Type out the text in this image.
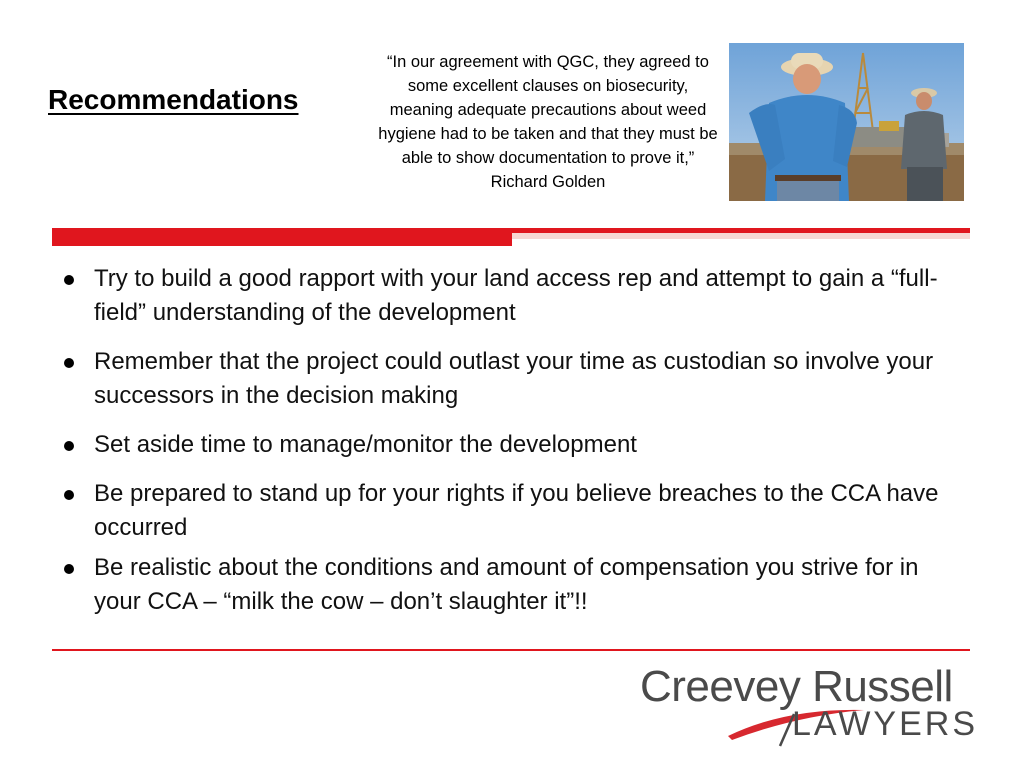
Recommendations
“In our agreement with QGC, they agreed to some excellent clauses on biosecurity, meaning adequate precautions about weed hygiene had to be taken and that they must be able to show documentation to prove it,”
Richard Golden
Try to build a good rapport with your land access rep and attempt to gain a “full-field” understanding of the development
Remember that the project could outlast your time as custodian so involve your successors in the decision making
Set aside time to manage/monitor the development
Be prepared to stand up for your rights if you believe breaches to the CCA have occurred
Be realistic about the conditions and amount of compensation you strive for in your CCA – “milk the cow – don’t slaughter it”!!
Creevey Russell
LAWYERS
